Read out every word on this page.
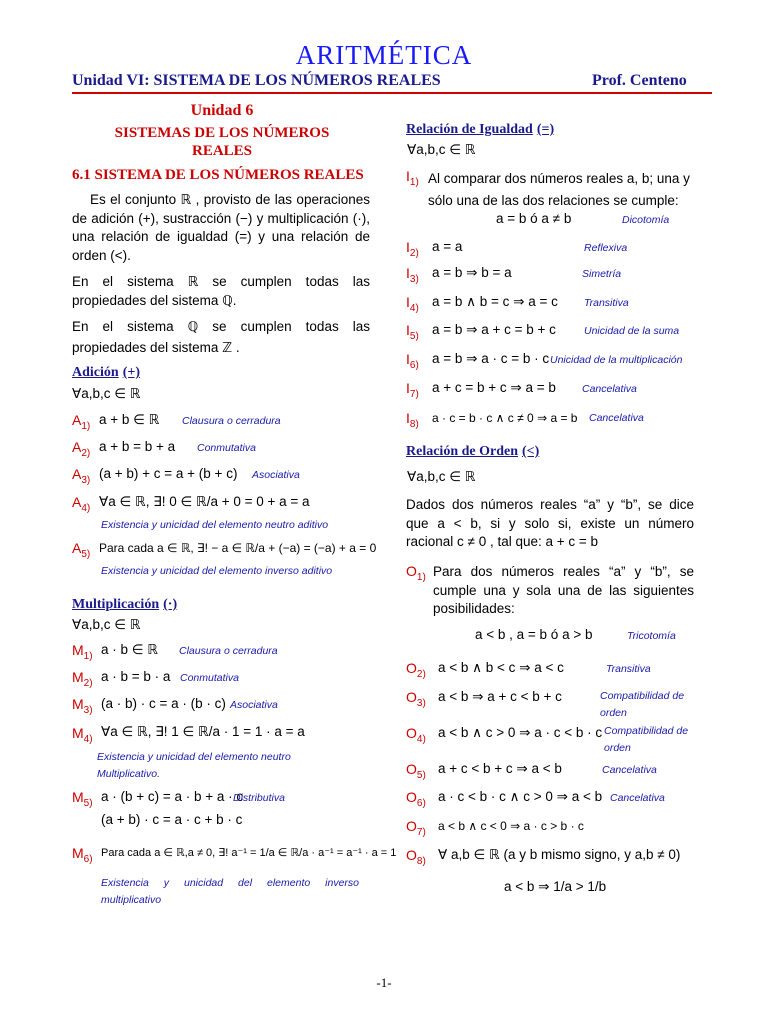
ARITMÉTICA
Unidad VI: SISTEMA DE LOS NÚMEROS REALES	Prof. Centeno
Unidad 6
SISTEMAS DE LOS NÚMEROS
REALES
6.1 SISTEMA DE LOS NÚMEROS REALES
Es el conjunto ℝ , provisto de las operaciones de adición (+), sustracción (−) y multiplicación (·), una relación de igualdad (=) y una relación de orden (<).
En el sistema ℝ se cumplen todas las propiedades del sistema ℚ.
En el sistema ℚ se cumplen todas las propiedades del sistema ℤ .
Adición (+)
∀a,b,c ∈ ℝ
$A_{1)}$ a + b ∈ ℝ Clausura o cerradura
$A_{2)}$ a + b = b + a Conmutativa
$A_{3)}$ (a + b) + c = a + (b + c) Asociativa
$A_{4)}$ ∀a ∈ ℝ, ∃! 0 ∈ ℝ/a + 0 = 0 + a = a
Existencia y unicidad del elemento neutro aditivo
$A_{5)}$ Para cada a ∈ ℝ, ∃! − a ∈ ℝ/a + (−a) = (−a) + a = 0
Existencia y unicidad del elemento inverso aditivo
Multiplicación (·)
∀a,b,c ∈ ℝ
$M_{1)}$ a · b ∈ ℝ Clausura o cerradura
$M_{2)}$ a · b = b · a Conmutativa
$M_{3)}$ (a · b) · c = a · (b · c) Asociativa
$M_{4)}$
∀a ∈ ℝ, ∃! 1 ∈ ℝ/a · 1 = 1 · a = a
Existencia y unicidad del elemento neutro Multiplicativo.
$M_{5)}$ a · (b + c) = a · b + a · c
Distributiva
(a + b) · c = a · c + b · c
$M_{6)}$
Para cada a ∈ ℝ,a ≠ 0, ∃! a⁻¹ = 1/a ∈ ℝ/a · a⁻¹ = a⁻¹ · a = 1
Existencia y unicidad del elemento inverso multiplicativo
Relación de Igualdad (=)
∀a,b,c ∈ ℝ
$I_{1)}$ Al comparar dos números reales a, b; una y sólo una de las dos relaciones se cumple:
a = b ó a ≠ b	Dicotomía
$I_{2)}$ a = a	Reflexiva
$I_{3)}$ a = b ⇒ b = a	Simetría
$I_{4)}$ a = b ∧ b = c ⇒ a = c Transitiva
$I_{5)}$ a = b ⇒ a + c = b + c	Unicidad de la suma
$I_{6)}$ a = b ⇒ a · c = b · c Unicidad de la multiplicación
$I_{7)}$ a + c = b + c ⇒ a = b Cancelativa
$I_{8)}$ a · c = b · c ∧ c ≠ 0 ⇒ a = b Cancelativa
Relación de Orden (<)
∀a,b,c ∈ ℝ
Dados dos números reales “a” y “b”, se dice que a < b, si y solo si, existe un número racional c ≠ 0 , tal que: a + c = b
$O_{1)}$ Para dos números reales “a” y “b”, se cumple una y sola una de las siguientes posibilidades:
a < b , a = b ó a > b	Tricotomía
$O_{2)}$ a < b ∧ b < c ⇒ a < c	Transitiva
$O_{3)}$ a < b ⇒ a + c < b + c	Compatibilidad de orden
$O_{4)}$ a < b ∧ c > 0 ⇒ a · c < b · c Compatibilidad de orden
$O_{5)}$ a + c < b + c ⇒ a < b	Cancelativa
$O_{6)}$ a · c < b · c ∧ c > 0 ⇒ a < b Cancelativa
$O_{7)}$ a < b ∧ c < 0 ⇒ a · c > b · c
$O_{8)}$ ∀ a,b ∈ ℝ (a y b mismo signo, y a,b ≠ 0)
a < b ⇒ 1/a > 1/b
-1-
